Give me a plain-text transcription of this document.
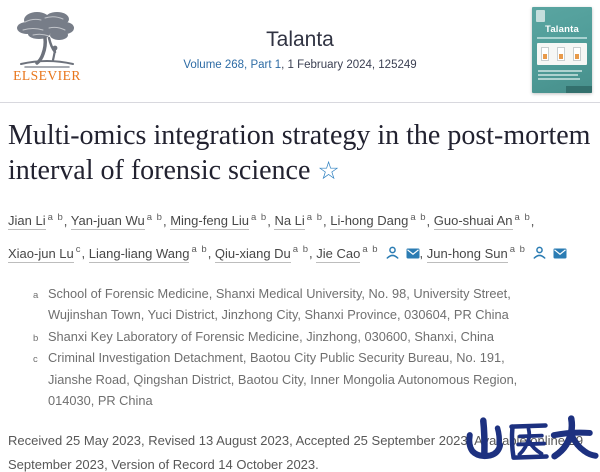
ELSEVIER
Talanta
Volume 268, Part 1, 1 February 2024, 125249
Talanta
Multi-omics integration strategy in the post-mortem interval of forensic science ☆

Jian Li $^{a b}$, Yan-juan Wu $^{a b}$, Ming-feng Liu $^{a b}$, Na Li $^{a b}$, Li-hong Dang $^{a b}$, Guo-shuai An $^{a b}$, Xiao-jun Lu $^c$, Liang-liang Wang $^{a b}$, Qiu-xiang Du $^{a b}$, Jie Cao $^{a b}$	, Jun-hong Sun $^{a b}$

a School of Forensic Medicine, Shanxi Medical University, No. 98, University Street, Wujinshan Town, Yuci District, Jinzhong City, Shanxi Province, 030604, PR China
b Shanxi Key Laboratory of Forensic Medicine, Jinzhong, 030600, Shanxi, China
c Criminal Investigation Detachment, Baotou City Public Security Bureau, No. 191, Jianshe Road, Qingshan District, Baotou City, Inner Mongolia Autonomous Region, 014030, PR China

Received 25 May 2023, Revised 13 August 2023, Accepted 25 September 2023, Available online 29 September 2023, Version of Record 14 October 2023.
